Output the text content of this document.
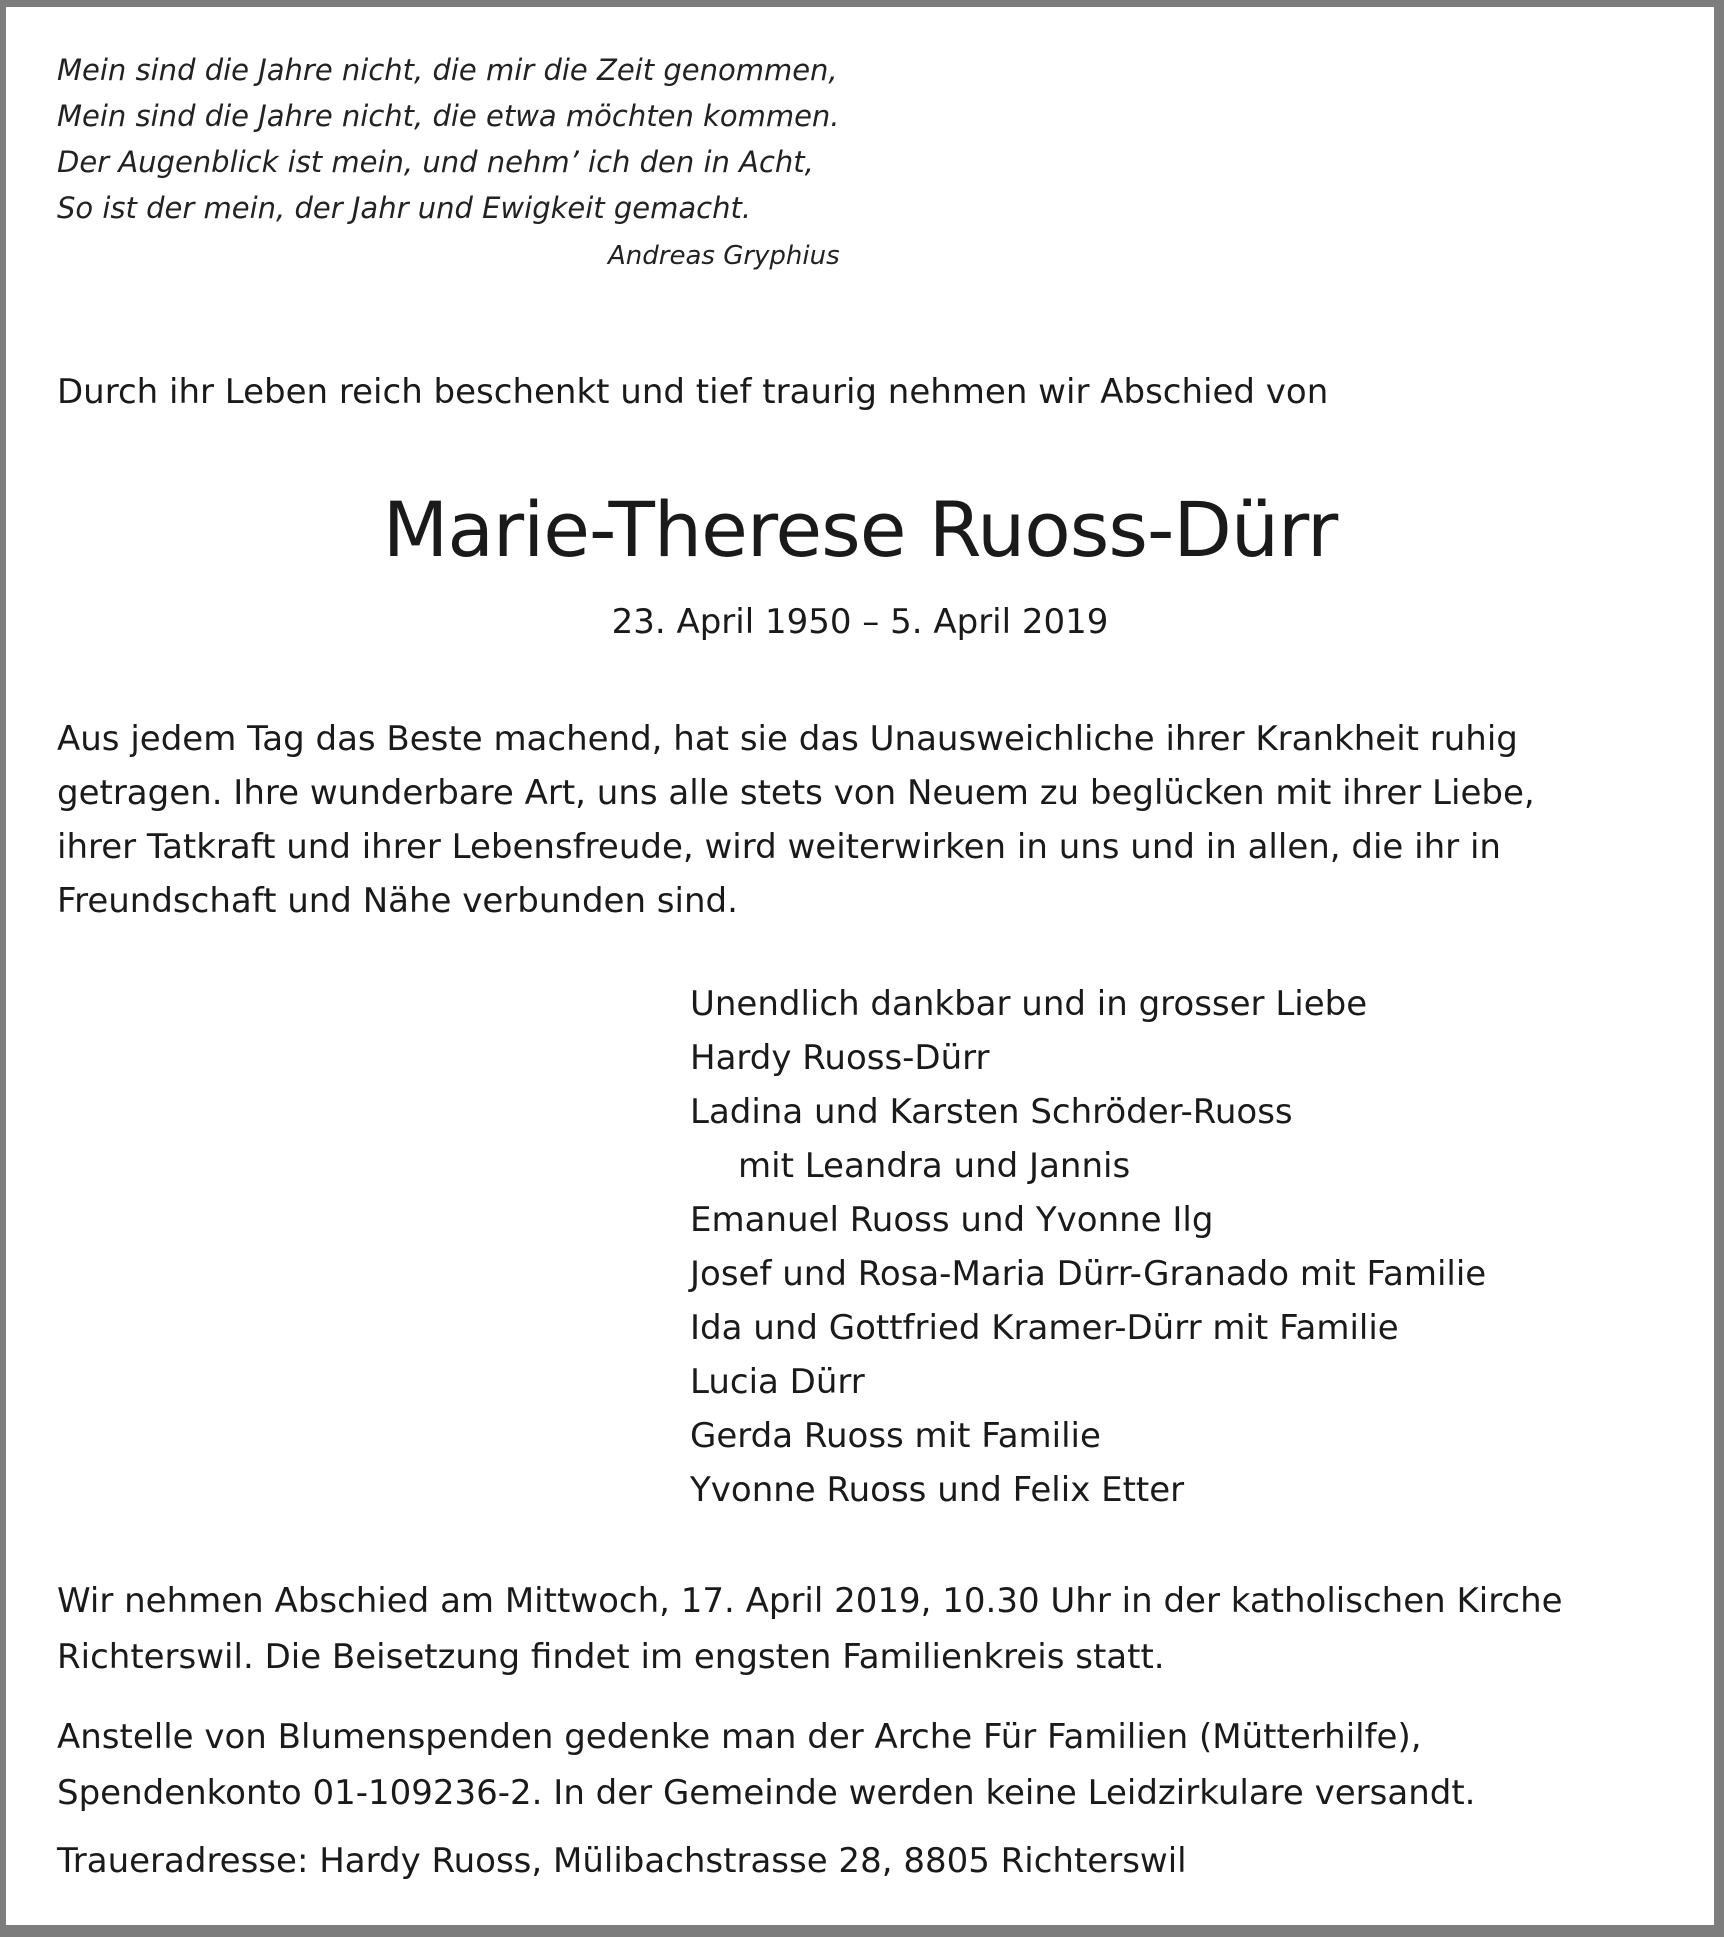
Mein sind die Jahre nicht, die mir die Zeit genommen,
Mein sind die Jahre nicht, die etwa möchten kommen.
Der Augenblick ist mein, und nehm’ ich den in Acht,
So ist der mein, der Jahr und Ewigkeit gemacht.
Andreas Gryphius
Durch ihr Leben reich beschenkt und tief traurig nehmen wir Abschied von
Marie-Therese Ruoss-Dürr
23. April 1950 – 5. April 2019
Aus jedem Tag das Beste machend, hat sie das Unausweichliche ihrer Krankheit ruhig
getragen. Ihre wunderbare Art, uns alle stets von Neuem zu beglücken mit ihrer Liebe,
ihrer Tatkraft und ihrer Lebensfreude, wird weiterwirken in uns und in allen, die ihr in
Freundschaft und Nähe verbunden sind.
Unendlich dankbar und in grosser Liebe
Hardy Ruoss-Dürr
Ladina und Karsten Schröder-Ruoss
mit Leandra und Jannis
Emanuel Ruoss und Yvonne Ilg
Josef und Rosa-Maria Dürr-Granado mit Familie
Ida und Gottfried Kramer-Dürr mit Familie
Lucia Dürr
Gerda Ruoss mit Familie
Yvonne Ruoss und Felix Etter
Wir nehmen Abschied am Mittwoch, 17. April 2019, 10.30 Uhr in der katholischen Kirche
Richterswil. Die Beisetzung findet im engsten Familienkreis statt.
Anstelle von Blumenspenden gedenke man der Arche Für Familien (Mütterhilfe),
Spendenkonto 01-109236-2. In der Gemeinde werden keine Leidzirkulare versandt.
Traueradresse: Hardy Ruoss, Mülibachstrasse 28, 8805 Richterswil
